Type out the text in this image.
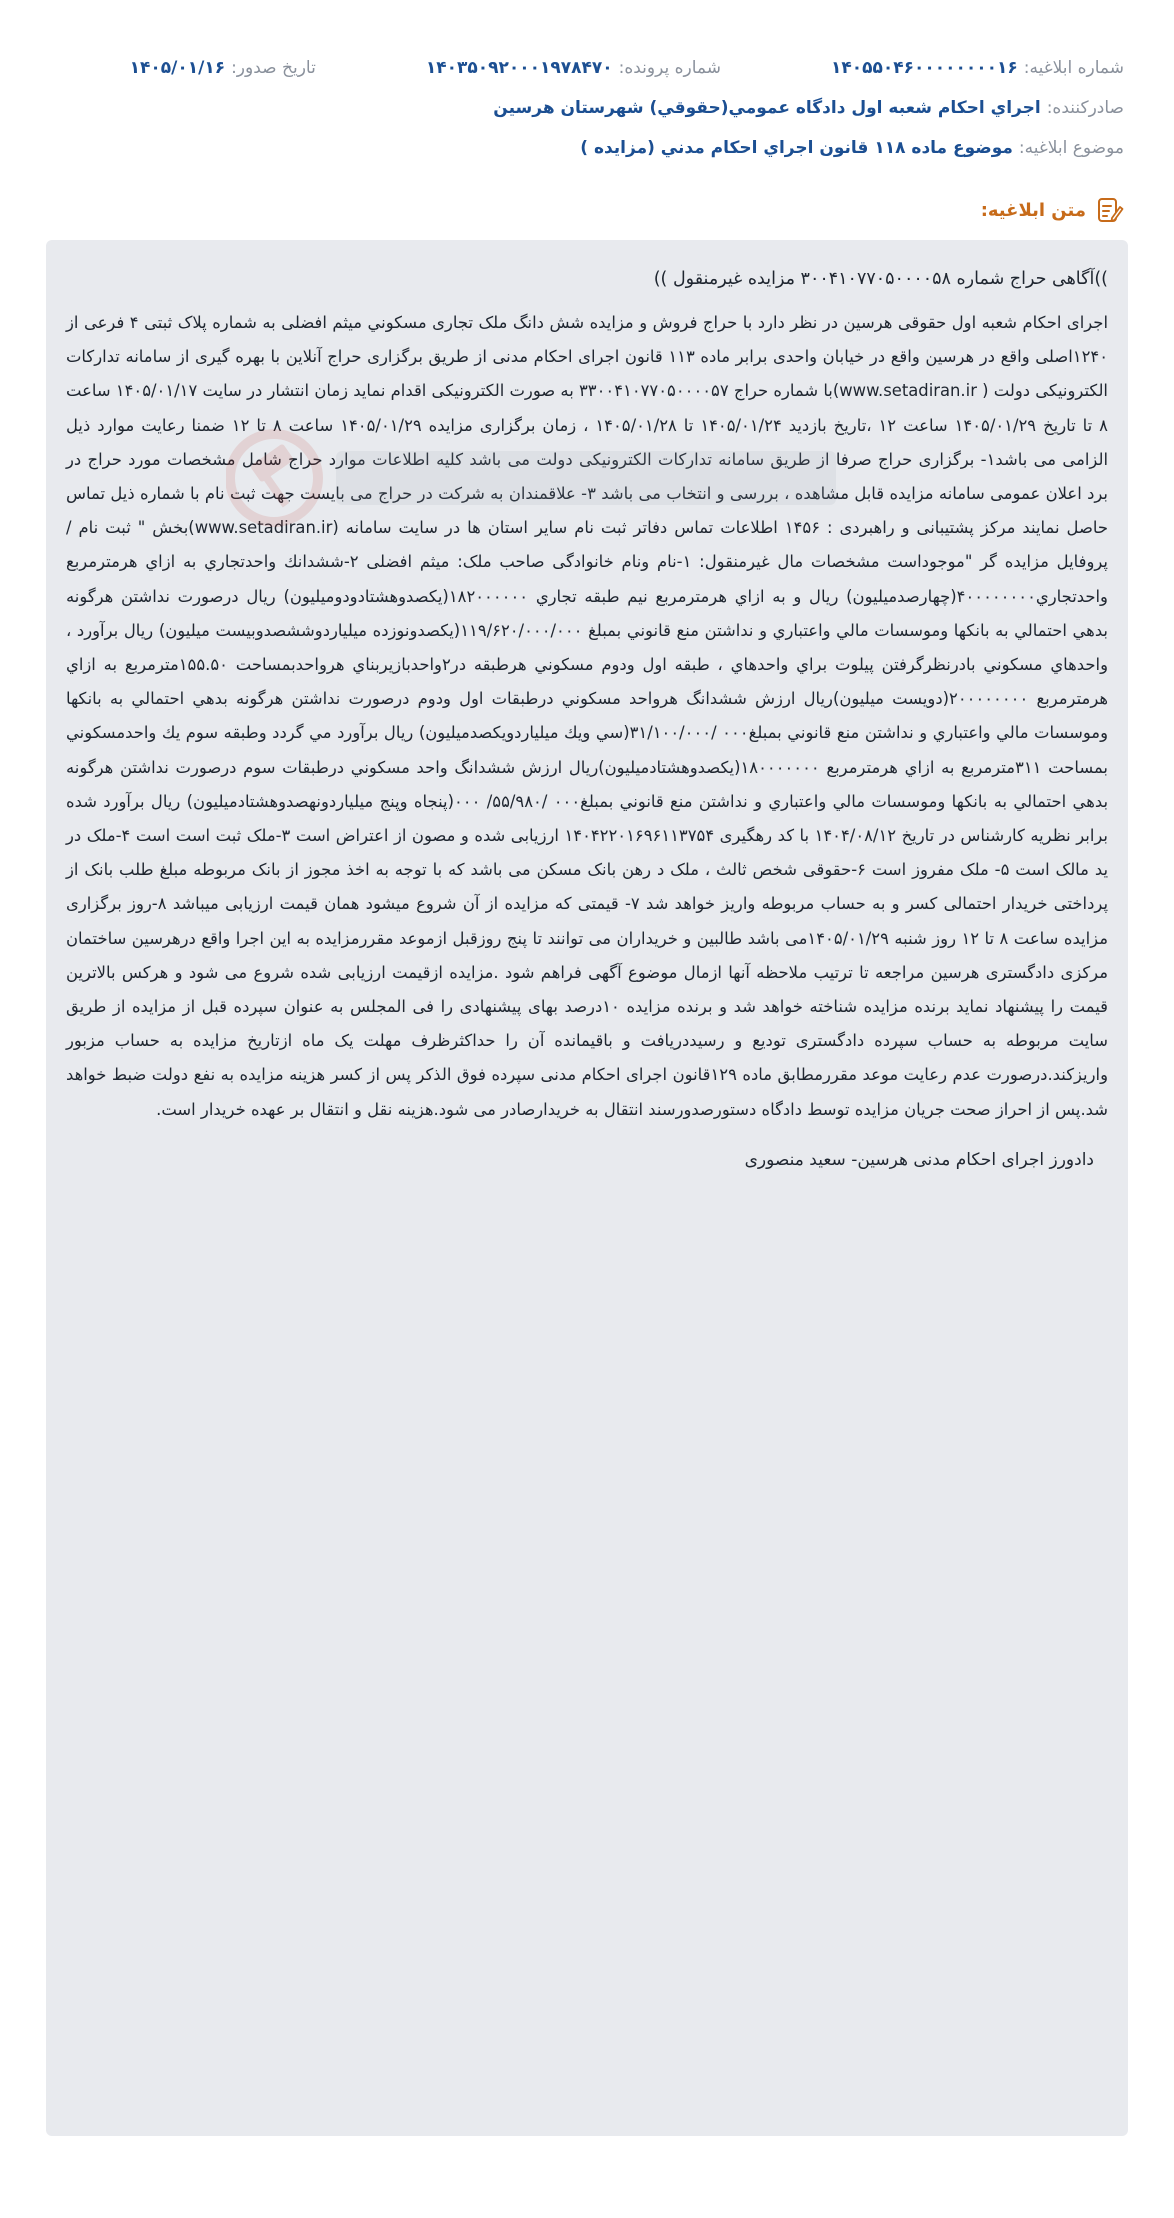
شماره ابلاغیه:
۱۴۰۵۵۰۴۶۰۰۰۰۰۰۰۰۱۶
شماره پرونده:
۱۴۰۳۵۰۹۲۰۰۰۱۹۷۸۴۷۰
تاریخ صدور:
۱۴۰۵/۰۱/۱۶
صادرکننده:
اجراي احكام شعبه اول دادگاه عمومي(حقوقي) شهرستان هرسين
موضوع ابلاغیه:
موضوع ماده ۱۱۸ قانون اجراي احكام مدني (مزايده )
متن ابلاغیه:
))آگاهی حراج شماره ۳۰۰۴۱۰۷۷۰۵۰۰۰۰۵۸ مزایده غیرمنقول ))

اجرای احکام شعبه اول حقوقی هرسین در نظر دارد با حراج فروش و مزایده شش دانگ ملک تجاری مسکوني میثم افضلی به شماره پلاک ثبتی ۴ فرعی از ۱۲۴۰اصلی واقع در هرسین واقع در خیابان واحدی برابر ماده ۱۱۳ قانون اجرای احکام مدنی از طریق برگزاری حراج آنلاین با بهره گیری از سامانه تدارکات الکترونیکی دولت ( www.setadiran.ir)با شماره حراج ۳۳۰۰۴۱۰۷۷۰۵۰۰۰۰۵۷ به صورت الکترونیکی اقدام نماید زمان انتشار در سایت ۱۴۰۵/۰۱/۱۷ ساعت ۸ تا تاریخ ۱۴۰۵/۰۱/۲۹ ساعت ۱۲ ،تاریخ بازدید ۱۴۰۵/۰۱/۲۴ تا ۱۴۰۵/۰۱/۲۸ ، زمان برگزاری مزایده ۱۴۰۵/۰۱/۲۹ ساعت ۸ تا ۱۲ ضمنا رعایت موارد ذیل الزامی می باشد۱- برگزاری حراج صرفا از طریق سامانه تدارکات الکترونیکی دولت می باشد کلیه اطلاعات موارد حراج شامل مشخصات مورد حراج در برد اعلان عمومی سامانه مزایده قابل مشاهده ، بررسی و انتخاب می باشد ۳- علاقمندان به شرکت در حراج می بایست جهت ثبت نام با شماره ذیل تماس حاصل نمایند مرکز پشتیبانی و راهبردی : ۱۴۵۶ اطلاعات تماس دفاتر ثبت نام سایر استان ها در سایت سامانه (www.setadiran.ir)بخش " ثبت نام /پروفایل مزایده گر "موجوداست مشخصات مال غیرمنقول: ۱-نام ونام خانوادگی صاحب ملک: میثم افضلی ۲-ششدانك واحدتجاري به ازاي هرمترمربع واحدتجاري۴۰۰۰۰۰۰۰۰(چهارصدميليون) ريال و به ازاي هرمترمربع نيم طبقه تجاري ۱۸۲۰۰۰۰۰۰(يكصدوهشتادودوميليون) ريال درصورت نداشتن هرگونه بدهي احتمالي به بانكها وموسسات مالي واعتباري و نداشتن منع قانوني بمبلغ ۱۱۹/۶۲۰/۰۰۰/۰۰۰(يكصدونوزده ميلياردوششصدوبيست ميليون) ريال برآورد ، واحدهاي مسكوني بادرنظرگرفتن پيلوت براي واحدهاي ، طبقه اول ودوم مسكوني هرطبقه در۲واحدبازيربناي هرواحدبمساحت ۱۵۵.۵۰مترمربع به ازاي هرمترمربع ۲۰۰۰۰۰۰۰۰(دويست ميليون)ريال ارزش ششدانگ هرواحد مسكوني درطبقات اول ودوم درصورت نداشتن هرگونه بدهي احتمالي به بانكها وموسسات مالي واعتباري و نداشتن منع قانوني بمبلغ۰۰۰ /۳۱/۱۰۰/۰۰۰(سي ويك ميلياردويكصدميليون) ريال برآورد مي گردد وطبقه سوم يك واحدمسكوني بمساحت ۳۱۱مترمربع به ازاي هرمترمربع ۱۸۰۰۰۰۰۰۰(يكصدوهشتادميليون)ريال ارزش ششدانگ واحد مسكوني درطبقات سوم درصورت نداشتن هرگونه بدهي احتمالي به بانكها وموسسات مالي واعتباري و نداشتن منع قانوني بمبلغ۰۰۰ /۵۵/۹۸۰/ ۰۰۰(پنجاه وپنج ميلياردونهصدوهشتادميليون) ريال برآورد شده برابر نظريه كارشناس در تاريخ ۱۴۰۴/۰۸/۱۲ با کد رهگیری ۱۴۰۴۲۲۰۱۶۹۶۱۱۳۷۵۴ ارزیابی شده و مصون از اعتراض است ۳-ملک ثبت است است ۴-ملک در ید مالک است ۵- ملک مفروز است ۶-حقوقی شخص ثالث ، ملک د رهن بانک مسکن می باشد که با توجه به اخذ مجوز از بانک مربوطه مبلغ طلب بانک از پرداختی خریدار احتمالی کسر و به حساب مربوطه واریز خواهد شد ۷- قیمتی که مزایده از آن شروع میشود همان قیمت ارزیابی میباشد ۸-روز برگزاری مزایده ساعت ۸ تا ۱۲ روز شنبه ۱۴۰۵/۰۱/۲۹می باشد طالبین و خریداران می توانند تا پنج روزقبل ازموعد مقررمزایده به این اجرا واقع درهرسین ساختمان مرکزی دادگستری هرسین مراجعه تا ترتیب ملاحظه آنها ازمال موضوع آگهی فراهم شود .مزایده ازقیمت ارزیابی شده شروع می شود و هرکس بالاترین قیمت را پیشنهاد نماید برنده مزایده شناخته خواهد شد و برنده مزایده ۱۰درصد بهای پیشنهادی را فی المجلس به عنوان سپرده قبل از مزایده از طریق سایت مربوطه به حساب سپرده دادگستری تودیع و رسیددریافت و باقیمانده آن را حداکثرظرف مهلت یک ماه ازتاریخ مزایده به حساب مزبور واریزکند.درصورت عدم رعایت موعد مقررمطابق ماده ۱۲۹قانون اجرای احکام مدنی سپرده فوق الذکر پس از کسر هزینه مزایده به نفع دولت ضبط خواهد شد.پس از احراز صحت جریان مزایده توسط دادگاه دستورصدورسند انتقال به خریدارصادر می شود.هزینه نقل و انتقال بر عهده خریدار است.

دادورز اجرای احکام مدنی هرسین- سعید منصوری
